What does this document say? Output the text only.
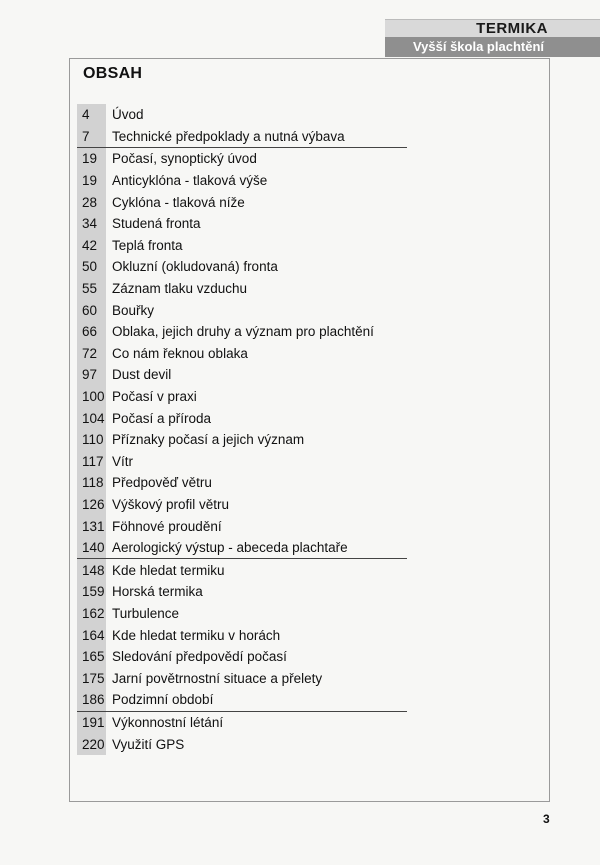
TERMIKA
Vyšší škola plachtění
OBSAH
4	Úvod
7	Technické předpoklady a nutná výbava
19	Počasí, synoptický úvod
19	Anticyklóna - tlaková výše
28	Cyklóna - tlaková níže
34	Studená fronta
42	Teplá fronta
50	Okluzní (okludovaná) fronta
55	Záznam tlaku vzduchu
60	Bouřky
66	Oblaka, jejich druhy a význam pro plachtění
72	Co nám řeknou oblaka
97	Dust devil
100 Počasí v praxi
104 Počasí a příroda
110 Příznaky počasí a jejich význam
117 Vítr
118 Předpověď větru
126 Výškový profil větru
131 Föhnové proudění
140 Aerologický výstup - abeceda plachtaře
148 Kde hledat termiku
159 Horská termika
162 Turbulence
164 Kde hledat termiku v horách
165 Sledování předpovědí počasí
175 Jarní povětrnostní situace a přelety
186 Podzimní období
191 Výkonnostní létání
220 Využití GPS
3
